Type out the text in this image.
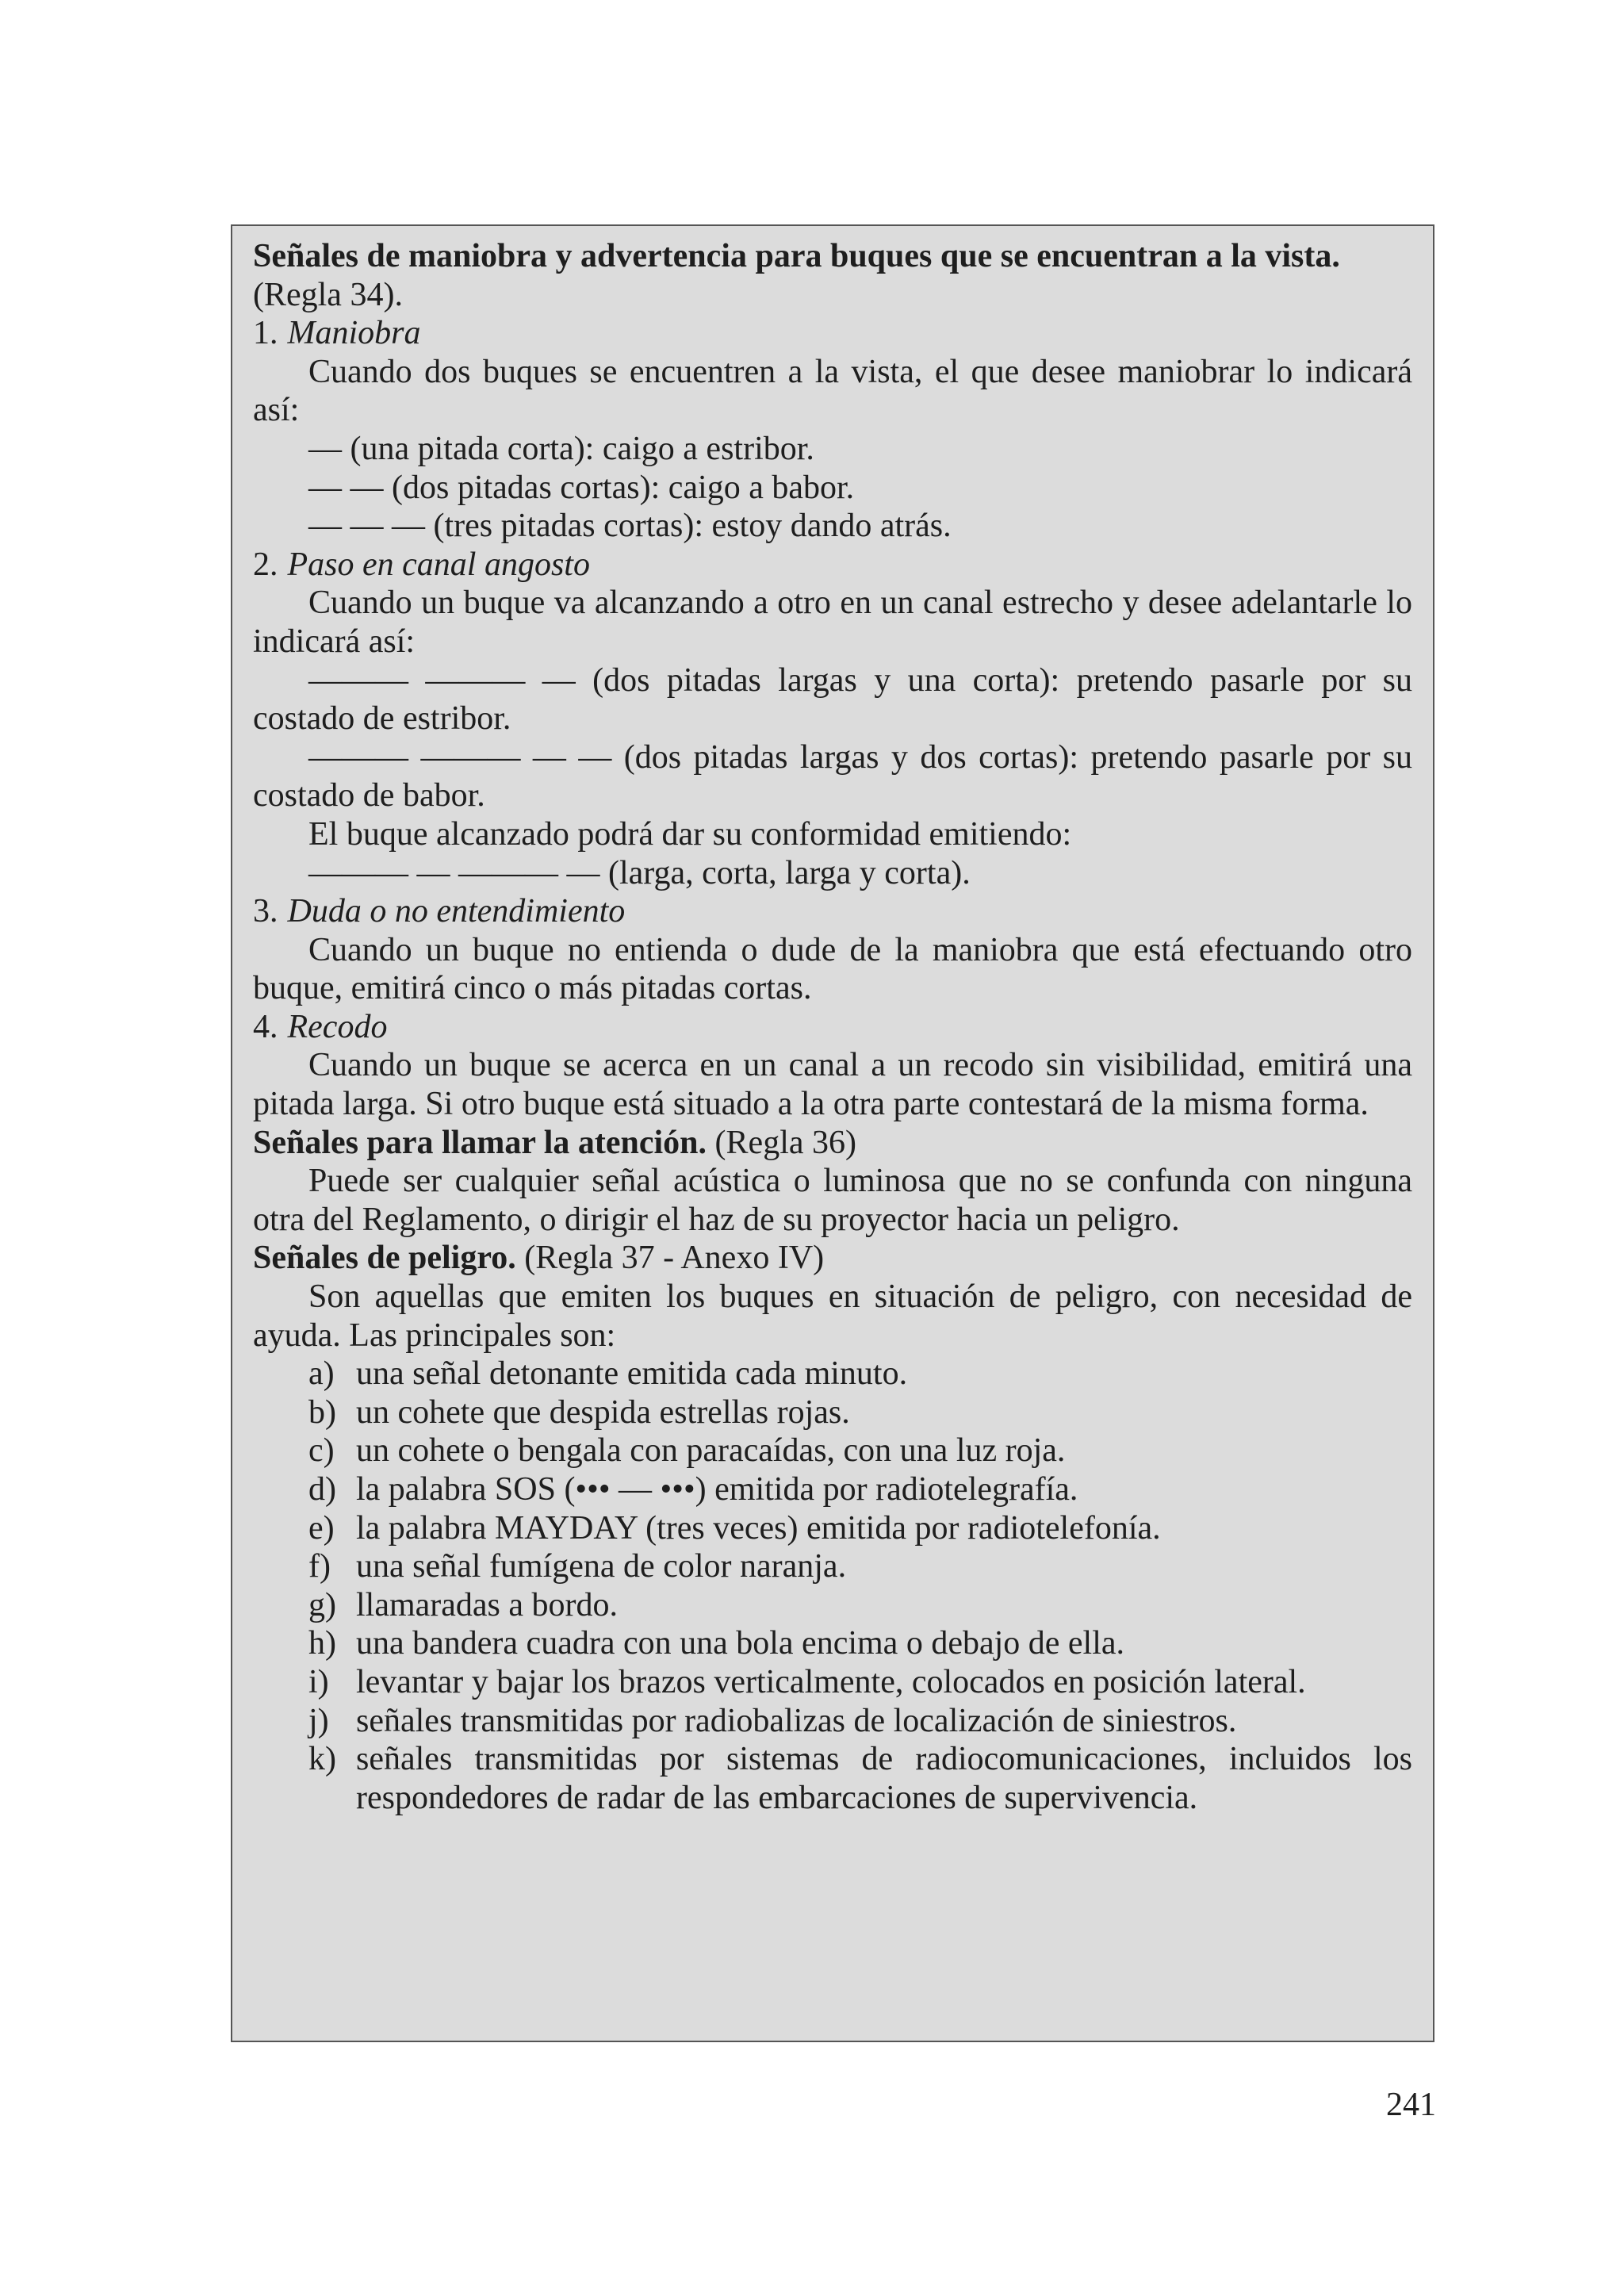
Señales de maniobra y advertencia para buques que se encuentran a la vista. (Regla 34).

1. Maniobra

Cuando dos buques se encuentren a la vista, el que desee maniobrar lo indicará así:

— (una pitada corta): caigo a estribor.

— — (dos pitadas cortas): caigo a babor.

— — — (tres pitadas cortas): estoy dando atrás.

2. Paso en canal angosto

Cuando un buque va alcanzando a otro en un canal estrecho y desee adelantarle lo indicará así:

——— ——— — (dos pitadas largas y una corta): pretendo pasarle por su costado de estribor.

——— ——— — — (dos pitadas largas y dos cortas): pretendo pasarle por su costado de babor.

El buque alcanzado podrá dar su conformidad emitiendo:

——— — ——— — (larga, corta, larga y corta).

3. Duda o no entendimiento

Cuando un buque no entienda o dude de la maniobra que está efectuando otro buque, emitirá cinco o más pitadas cortas.

4. Recodo

Cuando un buque se acerca en un canal a un recodo sin visibilidad, emitirá una pitada larga. Si otro buque está situado a la otra parte contestará de la misma forma.

Señales para llamar la atención. (Regla 36)

Puede ser cualquier señal acústica o luminosa que no se confunda con ninguna otra del Reglamento, o dirigir el haz de su proyector hacia un peligro.

Señales de peligro. (Regla 37 - Anexo IV)

Son aquellas que emiten los buques en situación de peligro, con necesidad de ayuda. Las principales son:

a) una señal detonante emitida cada minuto.
b) un cohete que despida estrellas rojas.
c) un cohete o bengala con paracaídas, con una luz roja.
d) la palabra SOS (••• — •••) emitida por radiotelegrafía.
e) la palabra MAYDAY (tres veces) emitida por radiotelefonía.
f) una señal fumígena de color naranja.
g) llamaradas a bordo.
h) una bandera cuadra con una bola encima o debajo de ella.
i) levantar y bajar los brazos verticalmente, colocados en posición lateral.
j) señales transmitidas por radiobalizas de localización de siniestros.
k) señales transmitidas por sistemas de radiocomunicaciones, incluidos los respondedores de radar de las embarcaciones de supervivencia.
241
